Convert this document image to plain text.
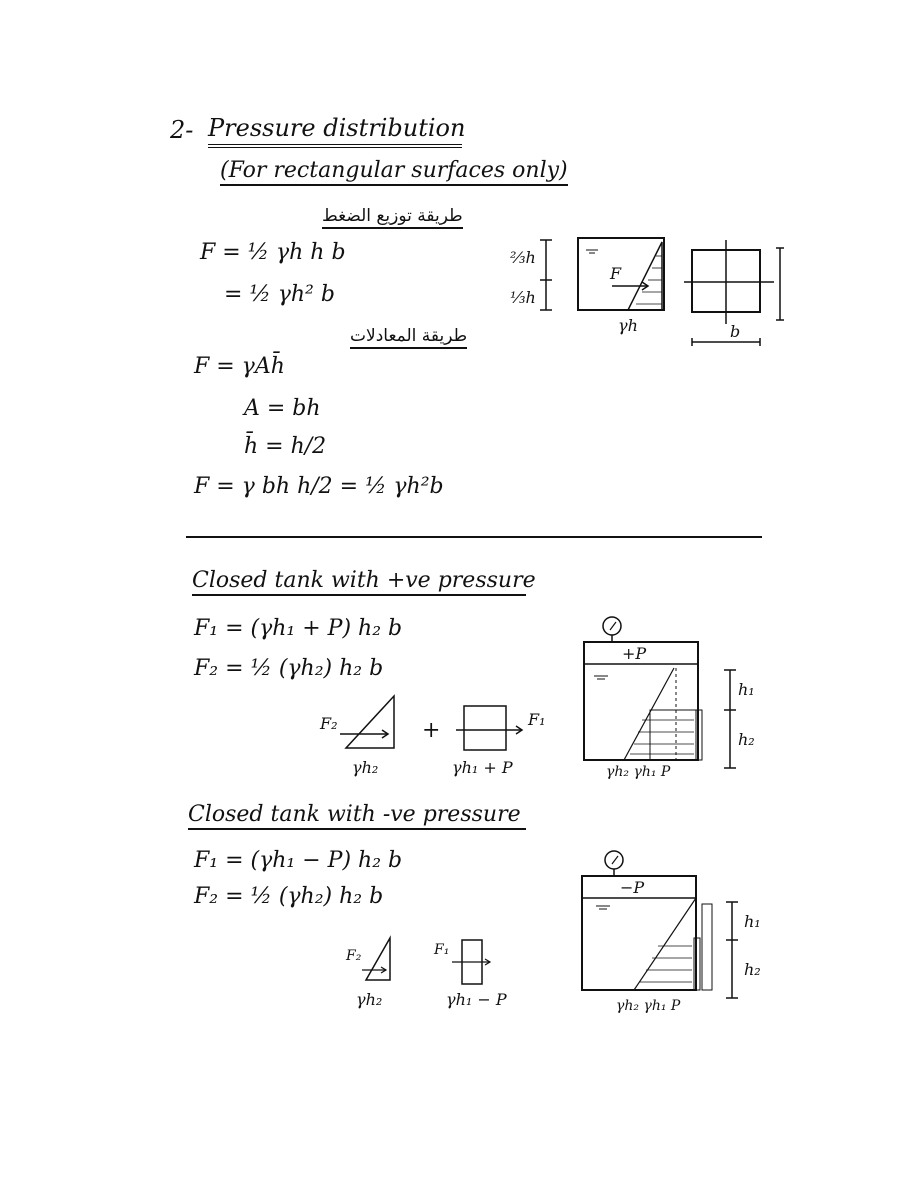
2- Pressure distribution
(For rectangular surfaces only)
طريقة توزيع الضغط
F = ½ γh h b
= ½ γh² b
⅔h
⅓h
F
γh	b
طريقة المعادلات
F = γAh̄
A = bh
h̄ = h/2
F = γ bh h/2 = ½ γh²b
Closed tank with +ve pressure
F₁ = (γh₁ + P) h₂ b
F₂ = ½ (γh₂) h₂ b
F₂	+	F₁
γh₂	γh₁ + P
+P
h₁
h₂
γh₂ γh₁ P
Closed tank with -ve pressure
F₁ = (γh₁ − P) h₂ b
F₂ = ½ (γh₂) h₂ b
F₂	F₁
γh₂	γh₁ − P
−P
h₁
h₂
γh₂ γh₁ P
